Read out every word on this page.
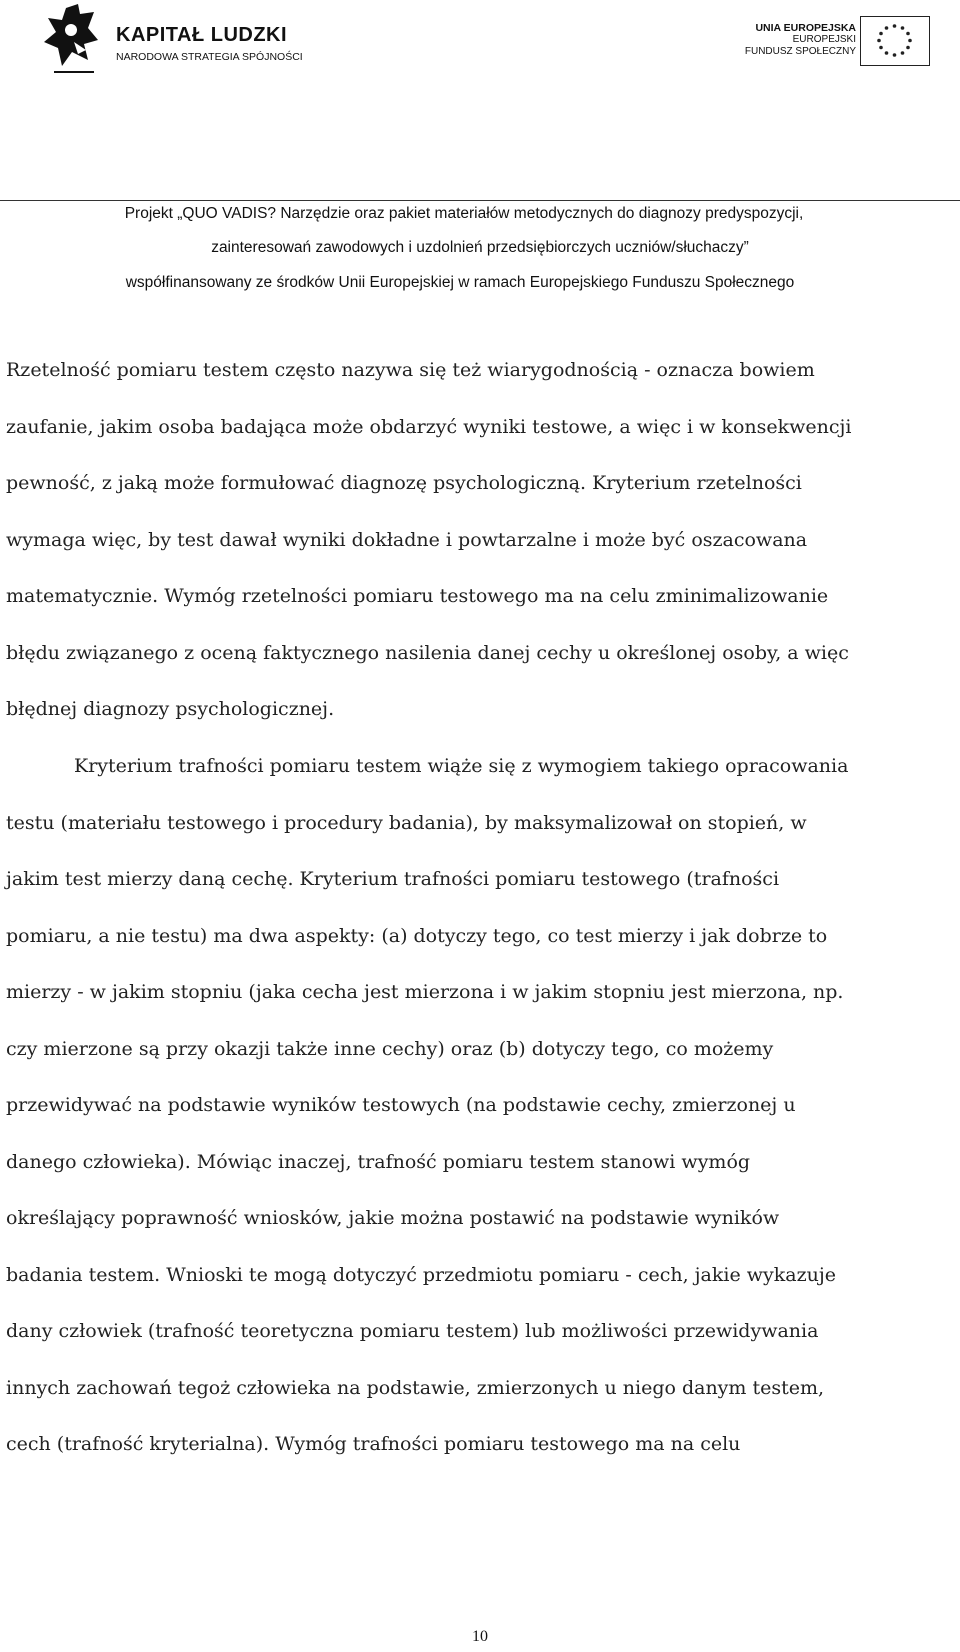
KAPITAŁ LUDZKI
NARODOWA STRATEGIA SPÓJNOŚCI
UNIA EUROPEJSKA
EUROPEJSKI
FUNDUSZ SPOŁECZNY
Projekt „QUO VADIS? Narzędzie oraz pakiet materiałów metodycznych do diagnozy predyspozycji,
zainteresowań zawodowych i uzdolnień przedsiębiorczych uczniów/słuchaczy”
współfinansowany ze środków Unii Europejskiej w ramach Europejskiego Funduszu Społecznego
Rzetelność pomiaru testem często nazywa się też wiarygodnością - oznacza bowiem
zaufanie, jakim osoba badająca może obdarzyć wyniki testowe, a więc i w konsekwencji
pewność, z jaką może formułować diagnozę psychologiczną. Kryterium rzetelności
wymaga więc, by test dawał wyniki dokładne i powtarzalne i może być oszacowana
matematycznie. Wymóg rzetelności pomiaru testowego ma na celu zminimalizowanie
błędu związanego z oceną faktycznego nasilenia danej cechy u określonej osoby, a więc
błędnej diagnozy psychologicznej.
Kryterium trafności pomiaru testem wiąże się z wymogiem takiego opracowania
testu (materiału testowego i procedury badania), by maksymalizował on stopień, w
jakim test mierzy daną cechę. Kryterium trafności pomiaru testowego (trafności
pomiaru, a nie testu) ma dwa aspekty: (a) dotyczy tego, co test mierzy i jak dobrze to
mierzy - w jakim stopniu (jaka cecha jest mierzona i w jakim stopniu jest mierzona, np.
czy mierzone są przy okazji także inne cechy) oraz (b) dotyczy tego, co możemy
przewidywać na podstawie wyników testowych (na podstawie cechy, zmierzonej u
danego człowieka). Mówiąc inaczej, trafność pomiaru testem stanowi wymóg
określający poprawność wniosków, jakie można postawić na podstawie wyników
badania testem. Wnioski te mogą dotyczyć przedmiotu pomiaru - cech, jakie wykazuje
dany człowiek (trafność teoretyczna pomiaru testem) lub możliwości przewidywania
innych zachowań tegoż człowieka na podstawie, zmierzonych u niego danym testem,
cech (trafność kryterialna). Wymóg trafności pomiaru testowego ma na celu
10
